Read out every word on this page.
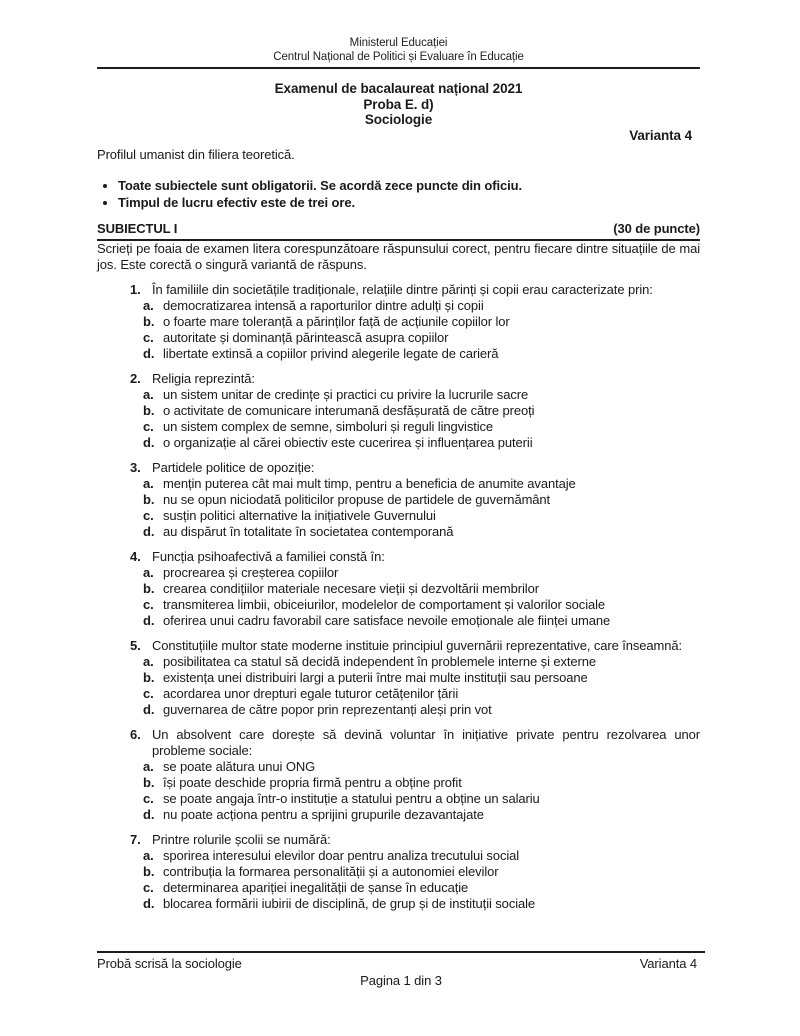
Ministerul Educației
Centrul Național de Politici și Evaluare în Educație
Examenul de bacalaureat național 2021
Proba E. d)
Sociologie
Varianta 4
Profilul umanist din filiera teoretică.
• Toate subiectele sunt obligatorii. Se acordă zece puncte din oficiu.
• Timpul de lucru efectiv este de trei ore.
SUBIECTUL I	(30 de puncte)

Scrieți pe foaia de examen litera corespunzătoare răspunsului corect, pentru fiecare dintre situațiile de mai jos. Este corectă o singură variantă de răspuns.

1. În familiile din societățile tradiționale, relațiile dintre părinți și copii erau caracterizate prin:
a. democratizarea intensă a raporturilor dintre adulți și copii
b. o foarte mare toleranță a părinților față de acțiunile copiilor lor
c. autoritate și dominanță părintească asupra copiilor
d. libertate extinsă a copiilor privind alegerile legate de carieră
2. Religia reprezintă:
a. un sistem unitar de credințe și practici cu privire la lucrurile sacre
b. o activitate de comunicare interumană desfășurată de către preoți
c. un sistem complex de semne, simboluri și reguli lingvistice
d. o organizație al cărei obiectiv este cucerirea și influențarea puterii
3. Partidele politice de opoziție:
a. mențin puterea cât mai mult timp, pentru a beneficia de anumite avantaje
b. nu se opun niciodată politicilor propuse de partidele de guvernământ
c. susțin politici alternative la inițiativele Guvernului
d. au dispărut în totalitate în societatea contemporană
4. Funcția psihoafectivă a familiei constă în:
a. procrearea și creșterea copiilor
b. crearea condițiilor materiale necesare vieții și dezvoltării membrilor
c. transmiterea limbii, obiceiurilor, modelelor de comportament și valorilor sociale
d. oferirea unui cadru favorabil care satisface nevoile emoționale ale ființei umane
5. Constituțiile multor state moderne instituie principiul guvernării reprezentative, care înseamnă:
a. posibilitatea ca statul să decidă independent în problemele interne și externe
b. existența unei distribuiri largi a puterii între mai multe instituții sau persoane
c. acordarea unor drepturi egale tuturor cetățenilor țării
d. guvernarea de către popor prin reprezentanți aleși prin vot
6. Un absolvent care dorește să devină voluntar în inițiative private pentru rezolvarea unor probleme sociale:
a. se poate alătura unui ONG
b. își poate deschide propria firmă pentru a obține profit
c. se poate angaja într-o instituție a statului pentru a obține un salariu
d. nu poate acționa pentru a sprijini grupurile dezavantajate
7. Printre rolurile școlii se numără:
a. sporirea interesului elevilor doar pentru analiza trecutului social
b. contribuția la formarea personalității și a autonomiei elevilor
c. determinarea apariției inegalității de șanse în educație
d. blocarea formării iubirii de disciplină, de grup și de instituții sociale
Probă scrisă la sociologie	Varianta 4
Pagina 1 din 3
